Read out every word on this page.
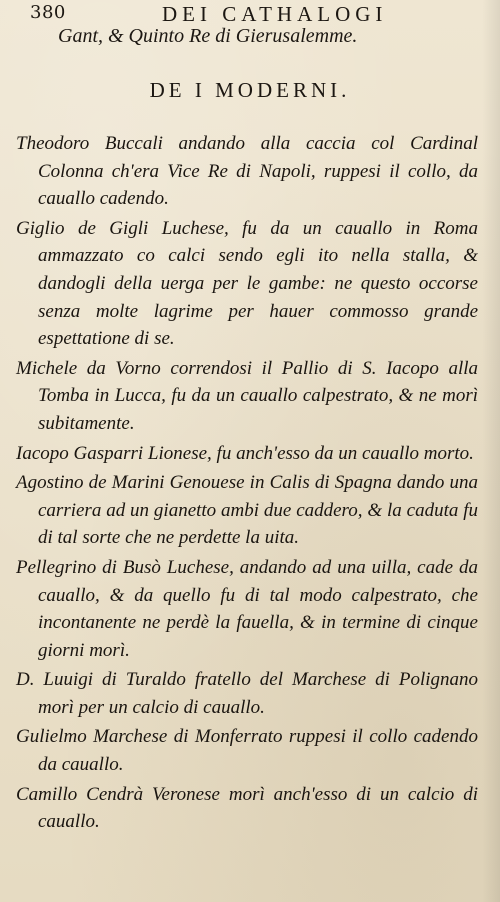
380	DEI CATHALOGI
Gant, & Quinto Re di Gierusalemme.
DE I MODERNI.

Theodoro Buccali andando alla caccia col Cardinal Colonna ch'era Vice Re di Napoli, ruppesi il collo, da cauallo cadendo.

Giglio de Gigli Luchese, fu da un cauallo in Roma ammazzato co calci sendo egli ito nella stalla, & dandogli della uerga per le gambe: ne questo occorse senza molte lagrime per hauer commosso grande espettatione di se.

Michele da Vorno correndosi il Pallio di S. Iacopo alla Tomba in Lucca, fu da un cauallo calpestrato, & ne morì subitamente.

Iacopo Gasparri Lionese, fu anch'esso da un cauallo morto.

Agostino de Marini Genouese in Calis di Spagna dando una carriera ad un gianetto ambi due caddero, & la caduta fu di tal sorte che ne perdette la uita.

Pellegrino di Busò Luchese, andando ad una uilla, cade da cauallo, & da quello fu di tal modo calpestrato, che incontanente ne perdè la fauella, & in termine di cinque giorni morì.

D. Luuigi di Turaldo fratello del Marchese di Polignano morì per un calcio di cauallo.

Gulielmo Marchese di Monferrato ruppesi il collo cadendo da cauallo.

Camillo Cendrà Veronese morì anch'esso di un calcio di cauallo.
